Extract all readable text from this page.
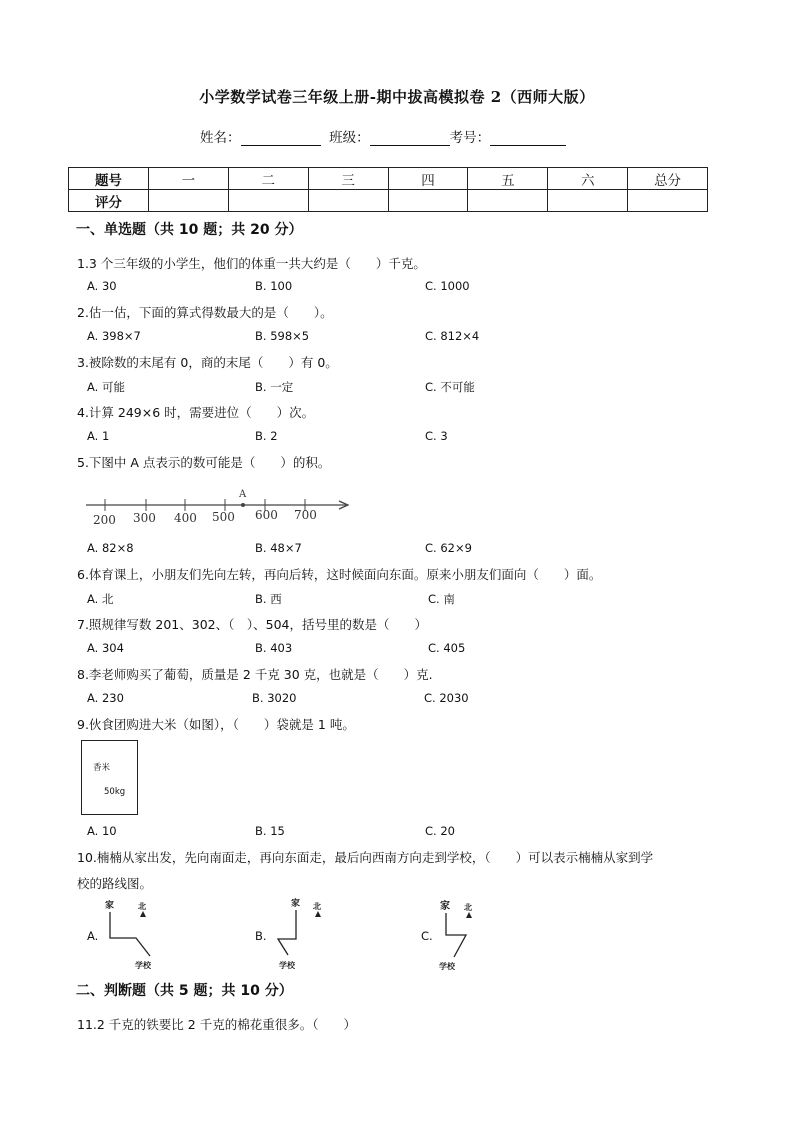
小学数学试卷三年级上册-期中拔高模拟卷 2（西师大版）
姓名：	班级：	考号：
题号	一	二	三	四	五	六	总分
评分							
一、单选题（共 10 题；共 20 分）
1.3 个三年级的小学生，他们的体重一共大约是（　　）千克。
A. 30	B. 100	C. 1000
2.估一估，下面的算式得数最大的是（　　）。
A. 398×7	B. 598×5	C. 812×4
3.被除数的末尾有 0，商的末尾（　　）有 0。
A. 可能	B. 一定	C. 不可能
4.计算 249×6 时，需要进位（　　）次。
A. 1	B. 2	C. 3
5.下图中 A 点表示的数可能是（　　）的积。
A
200 300 400 500 600 700
A. 82×8	B. 48×7	C. 62×9
6.体育课上，小朋友们先向左转，再向后转，这时候面向东面。原来小朋友们面向（　　）面。
A. 北	B. 西	C. 南
7.照规律写数 201、302、（　）、504，括号里的数是（　　）
A. 304	B. 403	C. 405
8.李老师购买了葡萄，质量是 2 千克 30 克，也就是（　　）克.
A. 230	B. 3020	C. 2030
9.伙食团购进大米（如图），（　　）袋就是 1 吨。
香米
50kg
A. 10	B. 15	C. 20
10.楠楠从家出发，先向南面走，再向东面走，最后向西南方向走到学校，（　　）可以表示楠楠从家到学
校的路线图。
A.
家	北
学校
B.
家 北
学校
C.
家 北
学校
二、判断题（共 5 题；共 10 分）
11.2 千克的铁要比 2 千克的棉花重很多。（　　）
